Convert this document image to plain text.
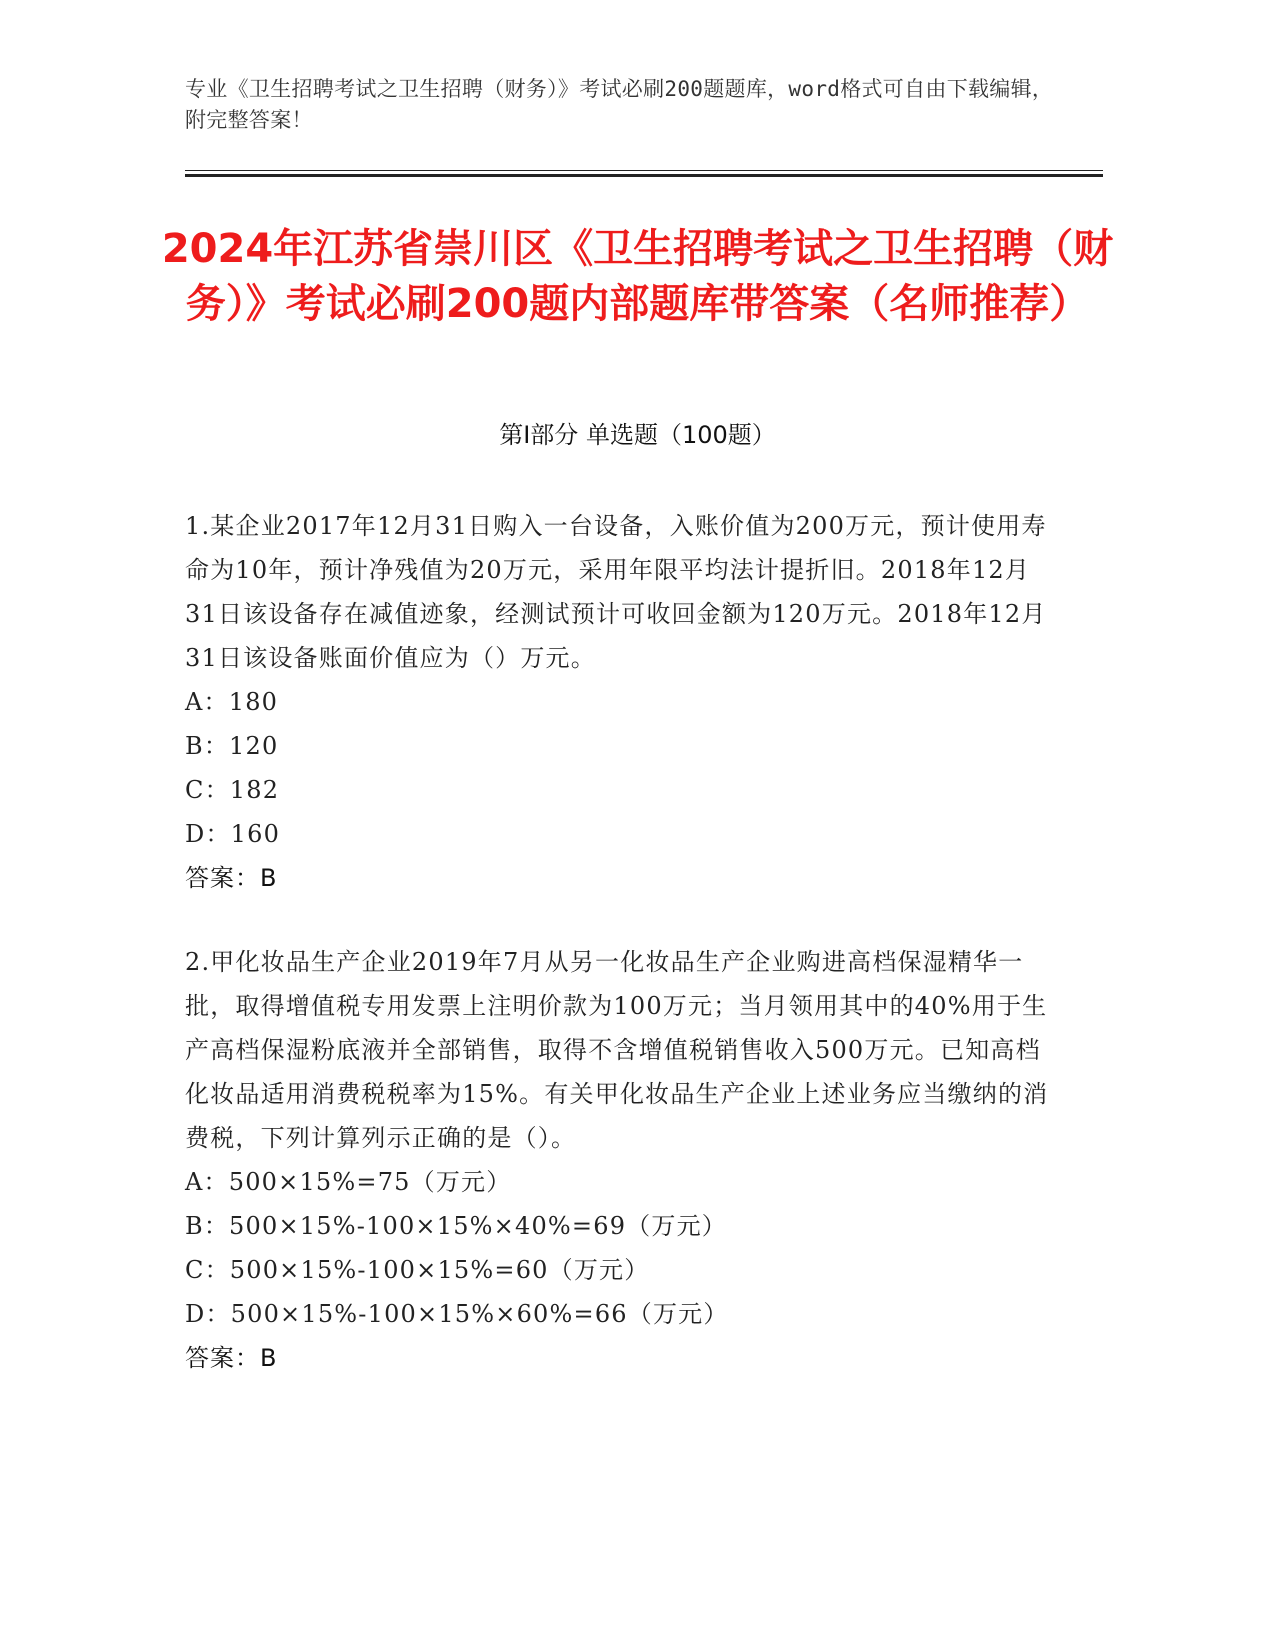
专业《卫生招聘考试之卫生招聘（财务）》考试必刷200题题库，word格式可自由下载编辑，附完整答案！
2024年江苏省崇川区《卫生招聘考试之卫生招聘（财务）》考试必刷200题内部题库带答案（名师推荐）
第I部分 单选题（100题）

1.某企业2017年12月31日购入一台设备，入账价值为200万元，预计使用寿命为10年，预计净残值为20万元，采用年限平均法计提折旧。2018年12月31日该设备存在减值迹象，经测试预计可收回金额为120万元。2018年12月31日该设备账面价值应为（）万元。

A：180

B：120

C：182

D：160

答案：B

2.甲化妆品生产企业2019年7月从另一化妆品生产企业购进高档保湿精华一批，取得增值税专用发票上注明价款为100万元；当月领用其中的40%用于生产高档保湿粉底液并全部销售，取得不含增值税销售收入500万元。已知高档化妆品适用消费税税率为15%。有关甲化妆品生产企业上述业务应当缴纳的消费税，下列计算列示正确的是（）。

A：500×15%=75（万元）

B：500×15%-100×15%×40%=69（万元）

C：500×15%-100×15%=60（万元）

D：500×15%-100×15%×60%=66（万元）

答案：B
